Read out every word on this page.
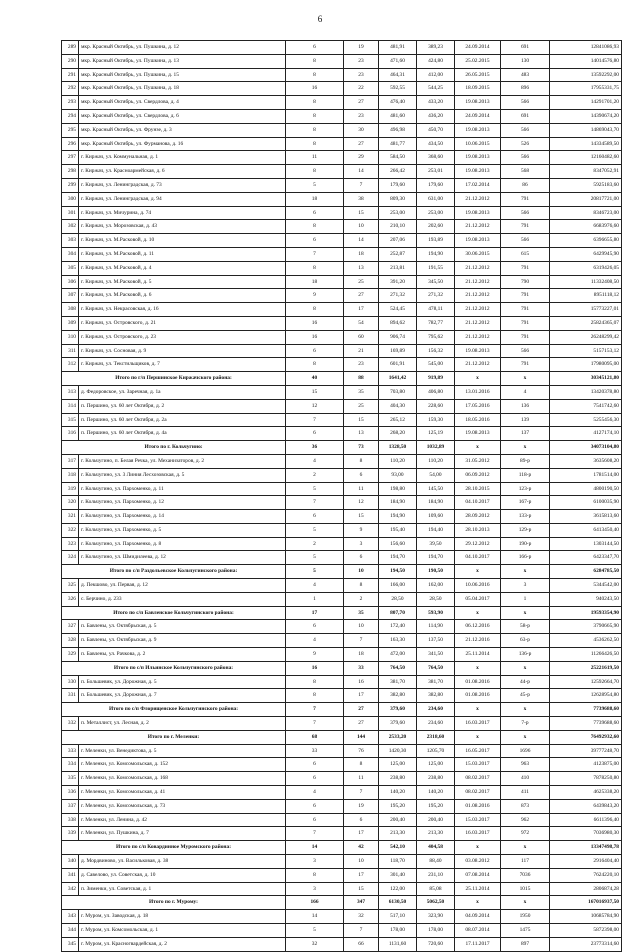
6
289	мкр. Красный Октябрь, ул. Пушкина, д. 12	6	19	481,91	389,23	24.09.2014	691	12841086,93
290	мкр. Красный Октябрь, ул. Пушкина, д. 13	8	23	471,60	424,80	25.02.2015	130	14014576,80
291	мкр. Красный Октябрь, ул. Пушкина, д. 15	8	23	464,31	412,00	26.05.2015	483	13592292,00
292	мкр. Красный Октябрь, ул. Пушкина, д. 18	16	22	592,55	544,25	18.09.2015	896	17955331,75
293	мкр. Красный Октябрь, ул. Свердлова, д. 4	8	27	476,40	433,20	19.08.2013	566	14291701,20
294	мкр. Красный Октябрь, ул. Свердлова, д. 6	8	23	481,60	436,20	24.09.2014	691	14390674,20
295	мкр. Красный Октябрь, ул. Фрунзе, д. 3	8	30	496,98	450,70	19.08.2013	566	14869043,70
296	мкр. Красный Октябрь, ул. Фурманова, д. 16	8	27	481,77	434,50	10.06.2015	526	14334589,50
297	г. Киржач, ул. Коммунальная, д. 1	11	29	584,50	368,60	19.08.2013	566	12160482,60
298	г. Киржач, ул. Красноармейская, д. 6	8	14	266,42	253,01	19.08.2013	568	8347052,91
299	г. Киржач, ул. Ленинградская, д. 73	5	7	179,60	179,60	17.02.2014	86	5925183,60
300	г. Киржач, ул. Ленинградская, д. 94	18	38	809,30	631,00	21.12.2012	791	20817721,00
301	г. Киржач, ул. Мичурина, д. 74	6	15	253,00	253,00	19.08.2013	566	8346723,00
302	г. Киржач, ул. Морозовская, д. 43	8	10	210,10	202,60	21.12.2012	791	6683976,60
303	г. Киржач, ул. М.Расковой, д. 10	6	14	207,06	193,89	19.08.2013	566	6396655,80
304	г. Киржач, ул. М.Расковой, д. 11	7	18	252,87	194,90	30.06.2015	615	6429945,90
305	г. Киржач, ул. М.Расковой, д. 4	8	13	213,81	191,55	21.12.2012	791	6319426,05
306	г. Киржач, ул. М.Расковой, д. 5	18	25	391,20	345,50	21.12.2012	790	11332408,50
307	г. Киржач, ул. М.Расковой, д. 6	9	27	271,32	271,32	21.12.2012	791	8951118,12
308	г. Киржач, ул. Некрасовская, д. 16	8	17	524,45	478,11	21.12.2012	791	15773227,01
309	г. Киржач, ул. Островского, д. 21	16	54	894,62	782,77	21.12.2012	791	25824365,07
310	г. Киржач, ул. Островского, д. 23	16	60	906,74	795,62	21.12.2012	791	26248299,42
311	г. Киржач, ул. Сосновая, д. 9	6	21	169,89	156,32	19.08.2013	566	5157153,12
312	г. Киржач, ул. Текстильщиков, д. 7	8	23	601,91	545,00	21.12.2012	791	17980095,00
Итого по г/п Першинское Киржачского района:		40	88	1641,42	919,89	x	x	30345121,80
313	д. Федоровское, ул. Заречная, д. 1а	15	35	703,80	406,80	13.01.2016	4	13420378,80
314	п. Першино, ул. 60 лет Октября, д. 2	12	25	404,30	228,60	17.05.2016	136	7541742,60
315	п. Першино, ул. 60 лет Октября, д. 2а	7	15	265,12	159,30	18.05.2016	139	5255456,30
316	п. Першино, ул. 60 лет Октября, д. 4а	6	13	268,20	125,19	19.08.2013	137	4127174,10
Итого по г. Кольчугино:		36	73	1328,50	1032,89	x	x	34073104,80
317	г. Кольчугино, п. Белая Речка, ул. Механизаторов, д. 2	4	8	110,20	110,20	31.05.2012	89-р	3635608,20
318	г. Кольчугино, ул. 3 Линия Лесхозовская, д. 5	2	6	93,00	54,00	06.09.2012	118-р	1781514,00
319	г. Кольчугино, ул. Пархоменко, д. 11	5	11	198,80	145,50	28.10.2015	123-р	4800190,50
320	г. Кольчугино, ул. Пархоменко, д. 12	7	12	184,90	184,90	04.10.2017	167-р	6100035,90
321	г. Кольчугино, ул. Пархоменко, д. 14	6	15	194,90	109,60	28.09.2012	133-р	3615813,60
322	г. Кольчугино, ул. Пархоменко, д. 5	5	9	195,40	194,40	28.10.2013	129-р	6413450,40
323	г. Кольчугино, ул. Пархоменко, д. 8	2	3	156,60	39,50	29.12.2012	190-р	1303144,50
324	г. Кольчугино, ул. Шмидилеева, д. 12	5	6	194,70	194,70	04.10.2017	166-р	6423347,70
Итого по с/п Раздольевское Кольчугинского района:		5	10	194,50	190,50	x	x	6284785,50
325	д. Пекшово, ул. Первая, д. 12	4	8	166,00	162,00	10.06.2016	3	5344542,00
326	с. Берчино, д. 233	1	2	28,50	28,50	05.04.2017	1	940243,50
Итого по с/п Бавленское Кольчугинского района:		17	35	807,70	593,90	x	x	19593354,90
327	п. Бавлены, ул. Октябрьская, д. 5	6	10	172,40	114,90	06.12.2016	58-р	3790665,90
328	п. Бавлены, ул. Октябрьская, д. 9	4	7	163,30	137,50	21.12.2016	63-р	4536262,50
329	п. Бавлены, ул. Рачкова, д. 2	9	18	472,00	341,50	25.11.2014	136-р	11266426,50
Итого по с/п Ильинское Кольчугинского района:		16	33	764,50	764,50	x	x	25221619,50
330	п. Большевик, ул. Дорожная, д. 5	8	16	381,70	381,70	01.08.2016	44-р	12592664,70
331	п. Большевик, ул. Дорожная, д. 7	8	17	382,80	382,80	01.08.2016	45-р	12628954,80
Итого по с/п Флорищенское Кольчугинского района:		7	27	379,60	234,60	x	x	7739688,60
332	п. Металлист, ул. Лесная, д. 2	7	27	379,60	234,60	16.03.2017	7-р	7739688,60
Итого по г. Меленки:		68	144	2533,20	2318,60	x	x	76492932,60
333	г. Меленки, ул. Венедиктова, д. 5	33	76	1420,30	1205,70	16.05.2017	1696	39777248,70
334	г. Меленки, ул. Комсомольская, д. 152	6	8	125,00	125,00	15.03.2017	963	4123875,00
335	г. Меленки, ул. Комсомольская, д. 168	6	11	238,80	238,80	08.02.2017	410	7878250,80
336	г. Меленки, ул. Комсомольская, д. 41	4	7	140,20	140,20	08.02.2017	411	4625338,20
337	г. Меленки, ул. Комсомольская, д. 73	6	19	195,20	195,20	01.08.2016	873	6439843,20
338	г. Меленки, ул. Ленина, д. 42	6	6	200,40	200,40	15.03.2017	962	6611396,40
339	г. Меленки, ул. Пушкина, д. 7	7	17	213,30	213,30	16.03.2017	972	7036980,30
Итого по с/п Ковардинное Муромского района:		14	42	542,10	404,58	x	x	13347498,78
340	д. Мордвиново, ул. Васильковая, д. 38	3	10	118,70	88,40	03.08.2012	117	2916404,40
341	д. Савелово, ул. Советская, д. 10	8	17	301,40	231,10	07.08.2014	7036	7624220,10
342	п. Зименки, ул. Советская, д. 1	3	15	122,00	85,08	25.11.2014	1015	2806874,28
Итого по г. Мурому:		166	347	6130,50	5062,50	x	x	167016937,50
343	г. Муром, ул. Заводская, д. 18	14	32	517,10	323,90	04.09.2014	1950	10685784,90
344	г. Муром, ул. Комсомольская, д. 1	5	7	178,00	178,00	08.07.2014	1475	5872398,00
345	г. Муром, ул. Красногвардейская, д. 2	32	66	1131,60	720,60	17.11.2017	897	23773314,60
